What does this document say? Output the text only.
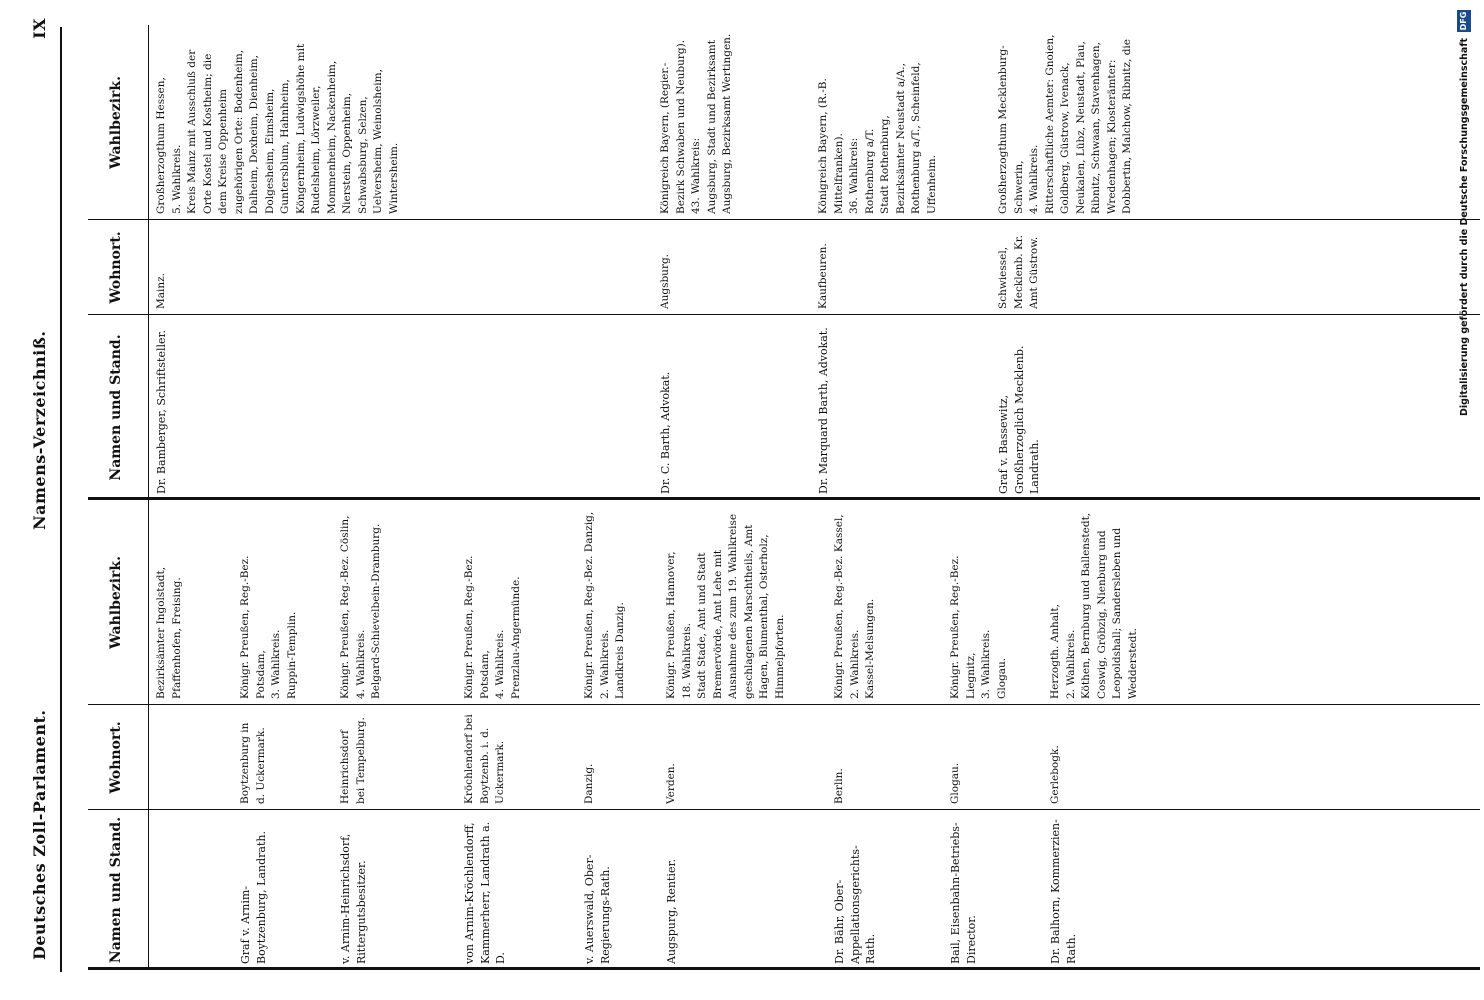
Deutsches Zoll-Parlament.
Namens-Verzeichniß.
IX
Namen und Stand.
Wohnort.
Wahlbezirk.	Bezirksämter Ingolstadt, Pfaffenhofen, Freising.
Graf v. Arnim-Boytzenburg, Landrath.
Boytzenburg in d. Uckermark.
Königr. Preußen, Reg.-Bez. Potsdam,
3. Wahlkreis.
Ruppin-Templin.
v. Arnim-Heinrichsdorf, Rittergutsbesitzer.
Heinrichsdorf bei Tempelburg.
Königr. Preußen, Reg.-Bez. Cöslin,
4. Wahlkreis.
Belgard-Schievelbein-Dramburg.
von Arnim-Kröchlendorff, Kammerherr, Landrath a. D.
Kröchlendorf bei Boytzenb. i. d. Uckermark.
Königr. Preußen, Reg.-Bez. Potsdam,
4. Wahlkreis.
Prenzlau-Angermünde.
v. Auerswald, Ober-Regierungs-Rath.
Danzig.
Königr. Preußen, Reg.-Bez. Danzig,
2. Wahlkreis.
Landkreis Danzig.
Augspurg, Rentier.
Verden.
Königr. Preußen, Hannover,
18. Wahlkreis.
Stadt Stade, Amt und Stadt Bremervörde, Amt Lehe mit Ausnahme des zum 19. Wahlkreise geschlagenen Marschtheils, Amt Hagen, Blumenthal, Osterholz, Himmelpforten.
Dr. Bähr, Ober-Appellationsgerichts-Rath.
Berlin.
Königr. Preußen, Reg.-Bez. Kassel,
2. Wahlkreis.
Kassel-Melsungen.
Bail, Eisenbahn-Betriebs-Director.
Glogau.
Königr. Preußen, Reg.-Bez. Liegnitz,
3. Wahlkreis.
Glogau.
Dr. Balhorn, Kommerzien-Rath.
Gerlebogk.
Herzogth. Anhalt,
2. Wahlkreis.
Köthen, Bernburg und Ballenstedt, Coswig, Gröbzig, Nienburg und Leopoldshall; Sandersleben und Wedderstedt.
Namen und Stand.
Wohnort.
Wahlbezirk.
Dr. Bamberger, Schriftsteller.
Mainz.
Großherzogthum Hessen,
5. Wahlkreis.
Kreis Mainz mit Ausschluß der Orte Kostel und Kostheim; die dem Kreise Oppenheim zugehörigen Orte: Bodenheim, Dalheim, Dexheim, Dienheim, Dolgesheim, Eimsheim, Guntersblum, Hahnheim, Köngernheim, Ludwigshöhe mit Rudelsheim, Lörzweiler, Mommenheim, Nackenheim, Nierstein, Oppenheim, Schwabsburg, Selzen, Uelversheim, Weinolsheim, Wintersheim.
Dr. C. Barth, Advokat.
Augsburg.
Königreich Bayern, (Regier.-Bezirk Schwaben und Neuburg).
43. Wahlkreis:
Augsburg, Stadt und Bezirksamt Augsburg, Bezirksamt Wertingen.
Dr. Marquard Barth, Advokat.
Kaufbeuren.
Königreich Bayern, (R.-B. Mittelfranken).
36. Wahlkreis:
Rothenburg a/T.
Stadt Rothenburg,
Bezirksämter Neustadt a/A., Rothenburg a/T., Scheinfeld, Uffenheim.
Graf v. Bassewitz, Großherzoglich Mecklenb. Landrath.
Schwiessel, Mecklenb. Kr. Amt Güstrow.
Großherzogthum Mecklenburg-Schwerin,
4. Wahlkreis.
Ritterschaftliche Aemter: Gnoien, Goldberg, Güstrow, Ivenack, Neukalen, Lübz, Neustadt, Plau, Ribnitz, Schwaan, Stavenhagen, Wredenhagen; Klosterämter: Dobbertin, Malchow, Ribnitz, die	Digitalisierung gefördert durch die Deutsche Forschungsgemeinschaft
DFG
